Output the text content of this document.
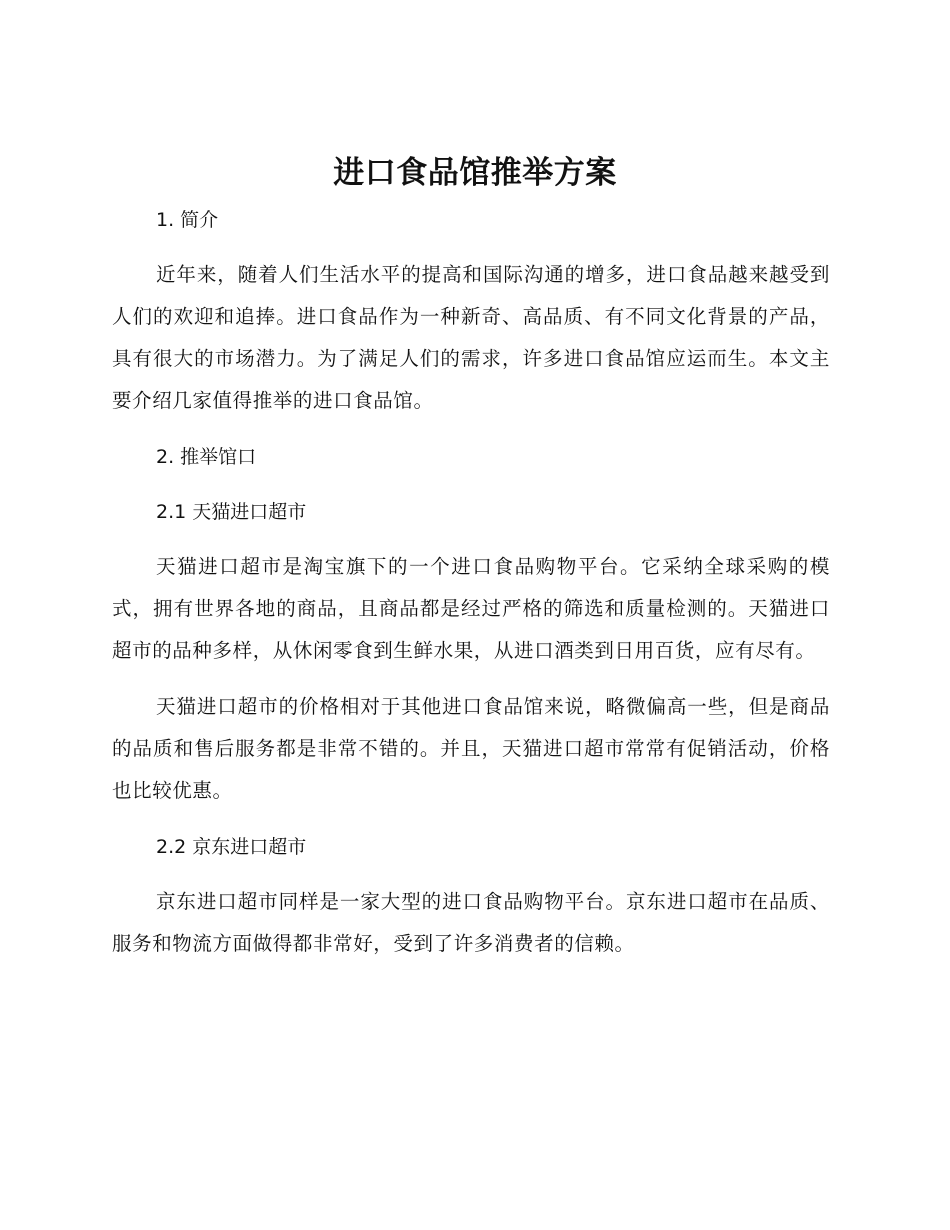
进口食品馆推举方案
1. 简介

近年来，随着人们生活水平的提高和国际沟通的增多，进口食品越来越受到人们的欢迎和追捧。进口食品作为一种新奇、高品质、有不同文化背景的产品，具有很大的市场潜力。为了满足人们的需求，许多进口食品馆应运而生。本文主要介绍几家值得推举的进口食品馆。

2. 推举馆口
2.1 天猫进口超市

天猫进口超市是淘宝旗下的一个进口食品购物平台。它采纳全球采购的模式，拥有世界各地的商品，且商品都是经过严格的筛选和质量检测的。天猫进口超市的品种多样，从休闲零食到生鲜水果，从进口酒类到日用百货，应有尽有。

天猫进口超市的价格相对于其他进口食品馆来说，略微偏高一些，但是商品的品质和售后服务都是非常不错的。并且，天猫进口超市常常有促销活动，价格也比较优惠。

2.2 京东进口超市

京东进口超市同样是一家大型的进口食品购物平台。京东进口超市在品质、服务和物流方面做得都非常好，受到了许多消费者的信赖。
